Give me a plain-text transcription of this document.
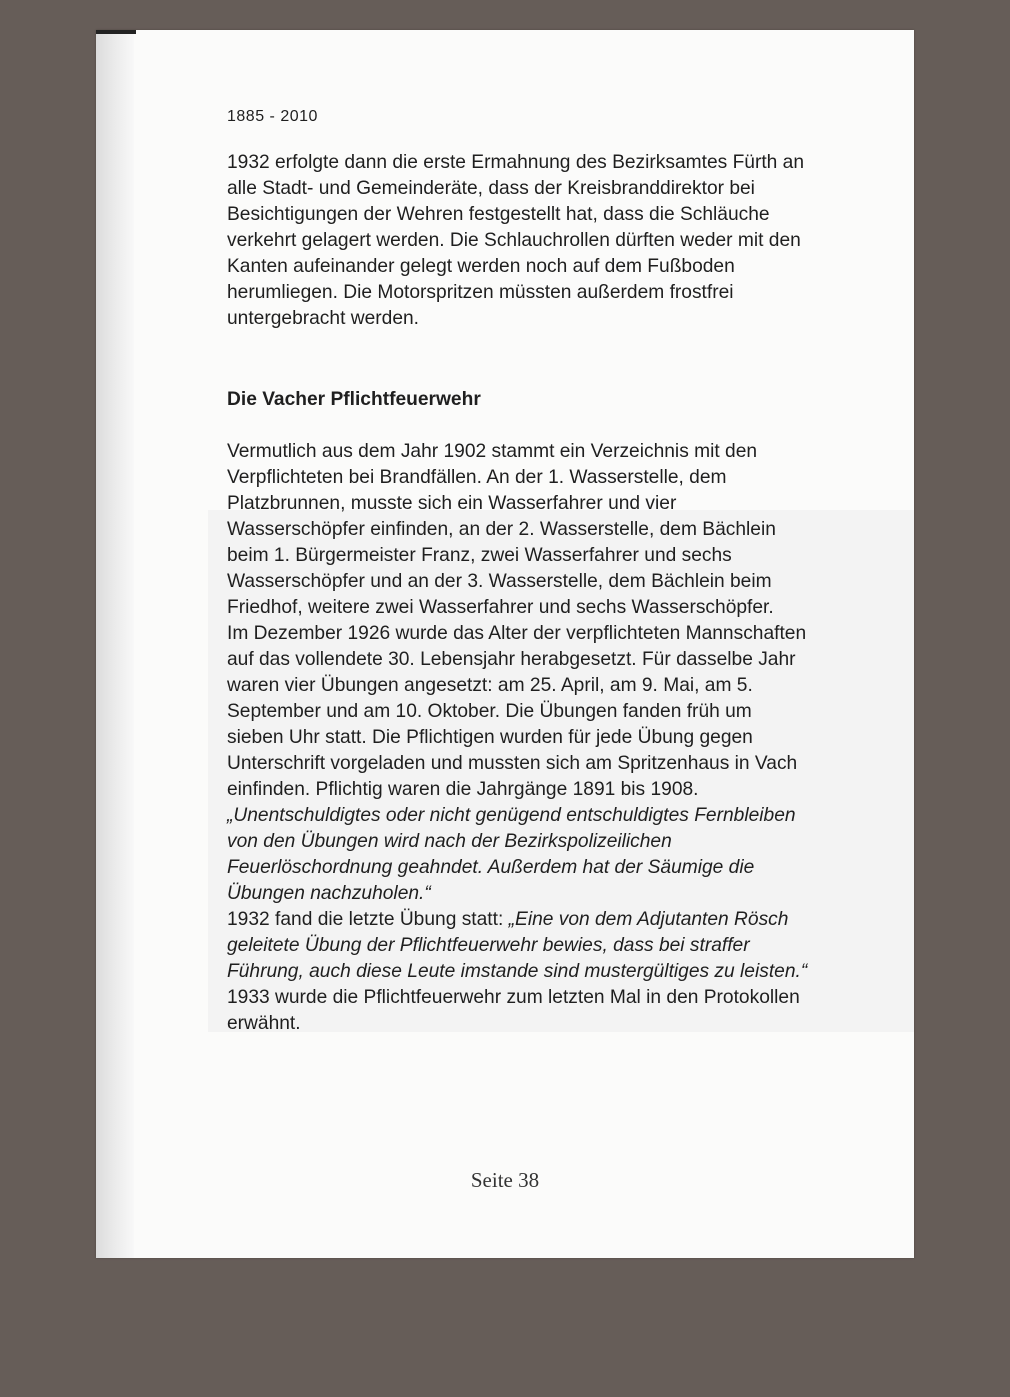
1885 - 2010

1932 erfolgte dann die erste Ermahnung des Bezirksamtes Fürth an
alle Stadt- und Gemeinderäte, dass der Kreisbranddirektor bei
Besichtigungen der Wehren festgestellt hat, dass die Schläuche
verkehrt gelagert werden. Die Schlauchrollen dürften weder mit den
Kanten aufeinander gelegt werden noch auf dem Fußboden
herumliegen. Die Motorspritzen müssten außerdem frostfrei
untergebracht werden.
Die Vacher Pflichtfeuerwehr
Vermutlich aus dem Jahr 1902 stammt ein Verzeichnis mit den
Verpflichteten bei Brandfällen. An der 1. Wasserstelle, dem
Platzbrunnen, musste sich ein Wasserfahrer und vier
Wasserschöpfer einfinden, an der 2. Wasserstelle, dem Bächlein
beim 1. Bürgermeister Franz, zwei Wasserfahrer und sechs
Wasserschöpfer und an der 3. Wasserstelle, dem Bächlein beim
Friedhof, weitere zwei Wasserfahrer und sechs Wasserschöpfer.
Im Dezember 1926 wurde das Alter der verpflichteten Mannschaften
auf das vollendete 30. Lebensjahr herabgesetzt. Für dasselbe Jahr
waren vier Übungen angesetzt: am 25. April, am 9. Mai, am 5.
September und am 10. Oktober. Die Übungen fanden früh um
sieben Uhr statt. Die Pflichtigen wurden für jede Übung gegen
Unterschrift vorgeladen und mussten sich am Spritzenhaus in Vach
einfinden. Pflichtig waren die Jahrgänge 1891 bis 1908.
„Unentschuldigtes oder nicht genügend entschuldigtes Fernbleiben
von den Übungen wird nach der Bezirkspolizeilichen
Feuerlöschordnung geahndet. Außerdem hat der Säumige die
Übungen nachzuholen.“
1932 fand die letzte Übung statt: „Eine von dem Adjutanten Rösch
geleitete Übung der Pflichtfeuerwehr bewies, dass bei straffer
Führung, auch diese Leute imstande sind mustergültiges zu leisten.“
1933 wurde die Pflichtfeuerwehr zum letzten Mal in den Protokollen
erwähnt.
Seite 38
